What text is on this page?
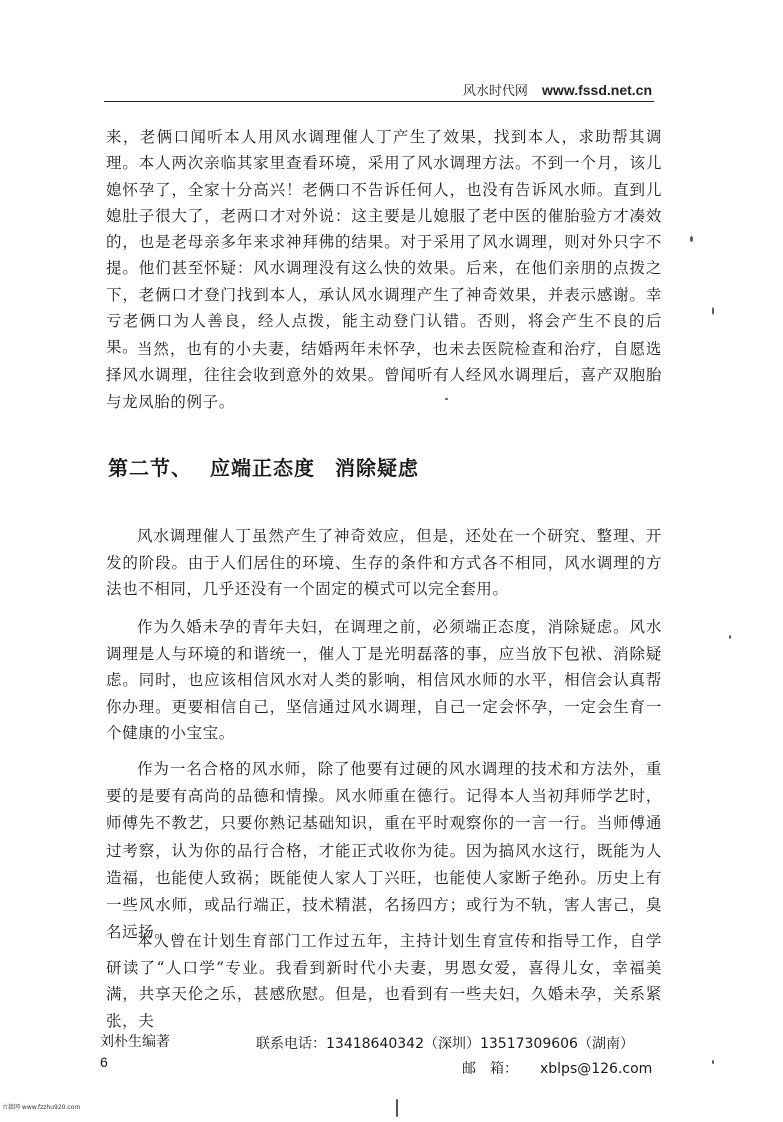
风水时代网 www.fssd.net.cn

来，老俩口闻听本人用风水调理催人丁产生了效果，找到本人，求助帮其调理。本人两次亲临其家里查看环境，采用了风水调理方法。不到一个月，该儿媳怀孕了，全家十分高兴！老俩口不告诉任何人，也没有告诉风水师。直到儿媳肚子很大了，老两口才对外说：这主要是儿媳服了老中医的催胎验方才凑效的，也是老母亲多年来求神拜佛的结果。对于采用了风水调理，则对外只字不提。他们甚至怀疑：风水调理没有这么快的效果。后来，在他们亲朋的点拨之下，老俩口才登门找到本人，承认风水调理产生了神奇效果，并表示感谢。幸亏老俩口为人善良，经人点拨，能主动登门认错。否则，将会产生不良的后果。

当然，也有的小夫妻，结婚两年未怀孕，也未去医院检查和治疗，自愿选择风水调理，往往会收到意外的效果。曾闻听有人经风水调理后，喜产双胞胎与龙凤胎的例子。

第二节、 应端正态度 消除疑虑

风水调理催人丁虽然产生了神奇效应，但是，还处在一个研究、整理、开发的阶段。由于人们居住的环境、生存的条件和方式各不相同，风水调理的方法也不相同，几乎还没有一个固定的模式可以完全套用。

作为久婚未孕的青年夫妇，在调理之前，必须端正态度，消除疑虑。风水调理是人与环境的和谐统一，催人丁是光明磊落的事，应当放下包袱、消除疑虑。同时，也应该相信风水对人类的影响，相信风水师的水平，相信会认真帮你办理。更要相信自己，坚信通过风水调理，自己一定会怀孕，一定会生育一个健康的小宝宝。

作为一名合格的风水师，除了他要有过硬的风水调理的技术和方法外，重要的是要有高尚的品德和情操。风水师重在德行。记得本人当初拜师学艺时，师傅先不教艺，只要你熟记基础知识，重在平时观察你的一言一行。当师傅通过考察，认为你的品行合格，才能正式收你为徒。因为搞风水这行，既能为人造福，也能使人致祸；既能使人家人丁兴旺，也能使人家断子绝孙。历史上有一些风水师，或品行端正，技术精湛，名扬四方；或行为不轨，害人害己，臭名远扬。

本人曾在计划生育部门工作过五年，主持计划生育宣传和指导工作，自学研读了“人口学”专业。我看到新时代小夫妻，男恩女爱，喜得儿女，幸福美满，共享天伦之乐，甚感欣慰。但是，也看到有一些夫妇，久婚未孕，关系紧张，夫

刘朴生编著
6
联系电话：13418640342（深圳）13517309606（湖南）
邮　箱： xblps@126.com
古籍网 www.fzzhu920.com
